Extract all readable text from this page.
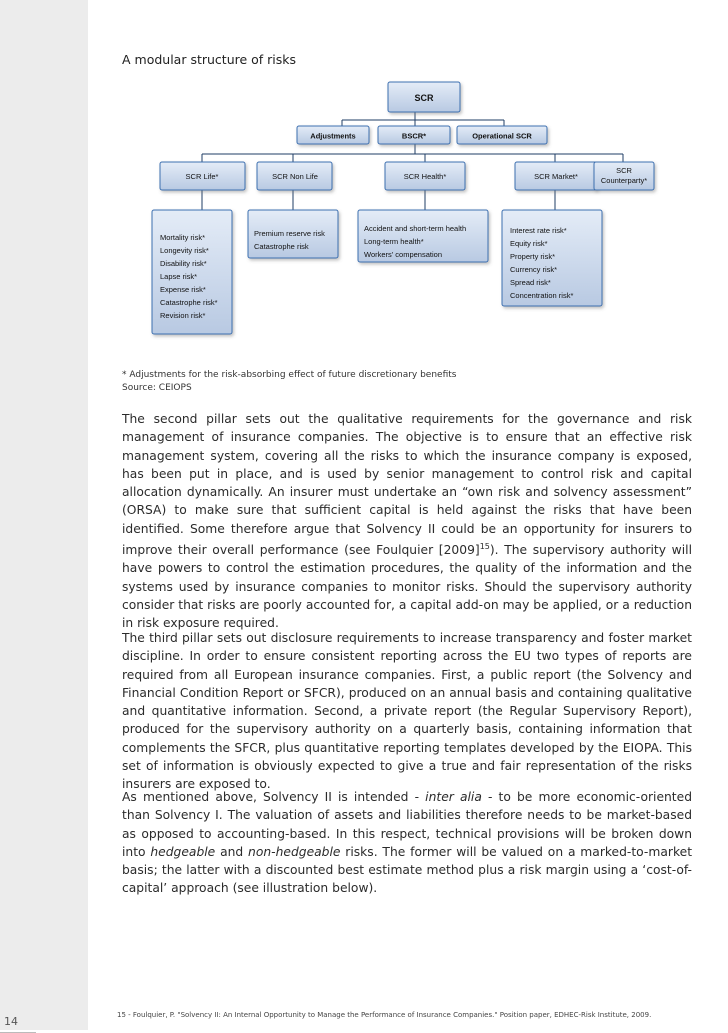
A modular structure of risks
SCR
Adjustments	BSCR*	Operational SCR
SCR Life*	SCR Non Life	SCR Health*	SCR Market*
SCR
Counterparty*
Mortality risk*
Longevity risk*
Disability risk*
Lapse risk*
Expense risk*
Catastrophe risk*
Revision risk*
Premium reserve risk
Catastrophe risk
Accident and short-term health
Long-term health*
Workers' compensation
Interest rate risk*
Equity risk*
Property risk*
Currency risk*
Spread risk*
Concentration risk*
* Adjustments for the risk-absorbing effect of future discretionary benefits
Source: CEIOPS

The second pillar sets out the qualitative requirements for the governance and risk management of insurance companies. The objective is to ensure that an effective risk management system, covering all the risks to which the insurance company is exposed, has been put in place, and is used by senior management to control risk and capital allocation dynamically. An insurer must undertake an “own risk and solvency assessment” (ORSA) to make sure that sufficient capital is held against the risks that have been identified. Some therefore argue that Solvency II could be an opportunity for insurers to improve their overall performance (see Foulquier $[2009]^{15}$). The supervisory authority will have powers to control the estimation procedures, the quality of the information and the systems used by insurance companies to monitor risks. Should the supervisory authority consider that risks are poorly accounted for, a capital add-on may be applied, or a reduction in risk exposure required.

The third pillar sets out disclosure requirements to increase transparency and foster market discipline. In order to ensure consistent reporting across the EU two types of reports are required from all European insurance companies. First, a public report (the Solvency and Financial Condition Report or SFCR), produced on an annual basis and containing qualitative and quantitative information. Second, a private report (the Regular Supervisory Report), produced for the supervisory authority on a quarterly basis, containing information that complements the SFCR, plus quantitative reporting templates developed by the EIOPA. This set of information is obviously expected to give a true and fair representation of the risks insurers are exposed to.

As mentioned above, Solvency II is intended - inter alia - to be more economic-oriented than Solvency I. The valuation of assets and liabilities therefore needs to be market-based as opposed to accounting-based. In this respect, technical provisions will be broken down into hedgeable and non-hedgeable risks. The former will be valued on a marked-to-market basis; the latter with a discounted best estimate method plus a risk margin using a ‘cost-of-capital’ approach (see illustration below).

15 - Foulquier, P. "Solvency II: An Internal Opportunity to Manage the Performance of Insurance Companies." Position paper, EDHEC-Risk Institute, 2009.
14
